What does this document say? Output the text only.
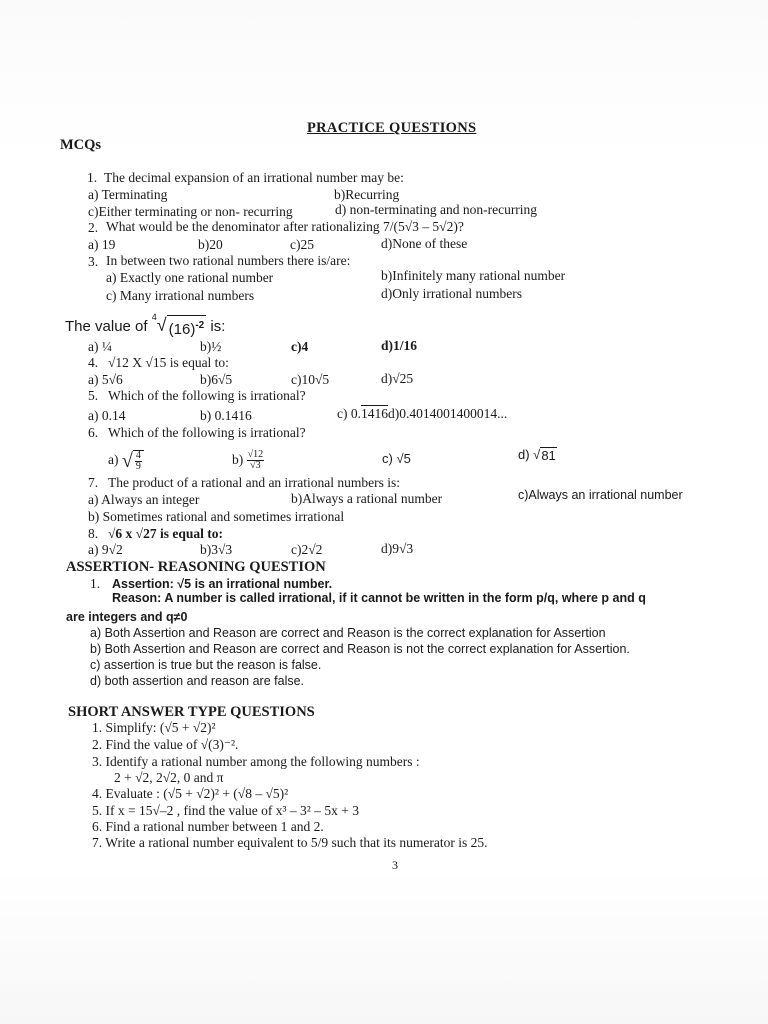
PRACTICE QUESTIONS
MCQs
1. The decimal expansion of an irrational number may be:
a) Terminating	b)Recurring
c)Either terminating or non- recurring	d) non-terminating and non-recurring
2. What would be the denominator after rationalizing 7/(5√3 – 5√2)?
a) 19	b)20	c)25	d)None of these
3. In between two rational numbers there is/are:
a) Exactly one rational number	b)Infinitely many rational number
c) Many irrational numbers	d)Only irrational numbers
The value of $^4$√ $(16)^{-2}$ is:
a) ¼	b)½	c)4	d)1/16
4. √12 X √15 is equal to:
a) 5√6	b)6√5	c)10√5	d)√25
5. Which of the following is irrational?
a) 0.14	b) 0.1416	c) 0.1416d)0.4014001400014...
6. Which of the following is irrational?
a) √ $\frac{4}{9}$	$b) \frac{√12}{√3}$	c) √5	d) √81
7. The product of a rational and an irrational numbers is:
a) Always an integer	b)Always a rational number	c)Always an irrational number
b) Sometimes rational and sometimes irrational
8. √6 x √27 is equal to:
a) 9√2	b)3√3	c)2√2	d)9√3
ASSERTION- REASONING QUESTION
1. Assertion: √5 is an irrational number.
Reason: A number is called irrational, if it cannot be written in the form p/q, where p and q
are integers and q≠0
a) Both Assertion and Reason are correct and Reason is the correct explanation for Assertion
b) Both Assertion and Reason are correct and Reason is not the correct explanation for Assertion.
c) assertion is true but the reason is false.
d) both assertion and reason are false.
SHORT ANSWER TYPE QUESTIONS
1. Simplify: (√5 + √2)²
2. Find the value of √(3)⁻².
3. Identify a rational number among the following numbers :
2 + √2, 2√2, 0 and π
4. Evaluate : (√5 + √2)² + (√8 – √5)²
5. If x = 15√–2 , find the value of x³ – 3² – 5x + 3
6. Find a rational number between 1 and 2.
7. Write a rational number equivalent to 5/9 such that its numerator is 25.
3
